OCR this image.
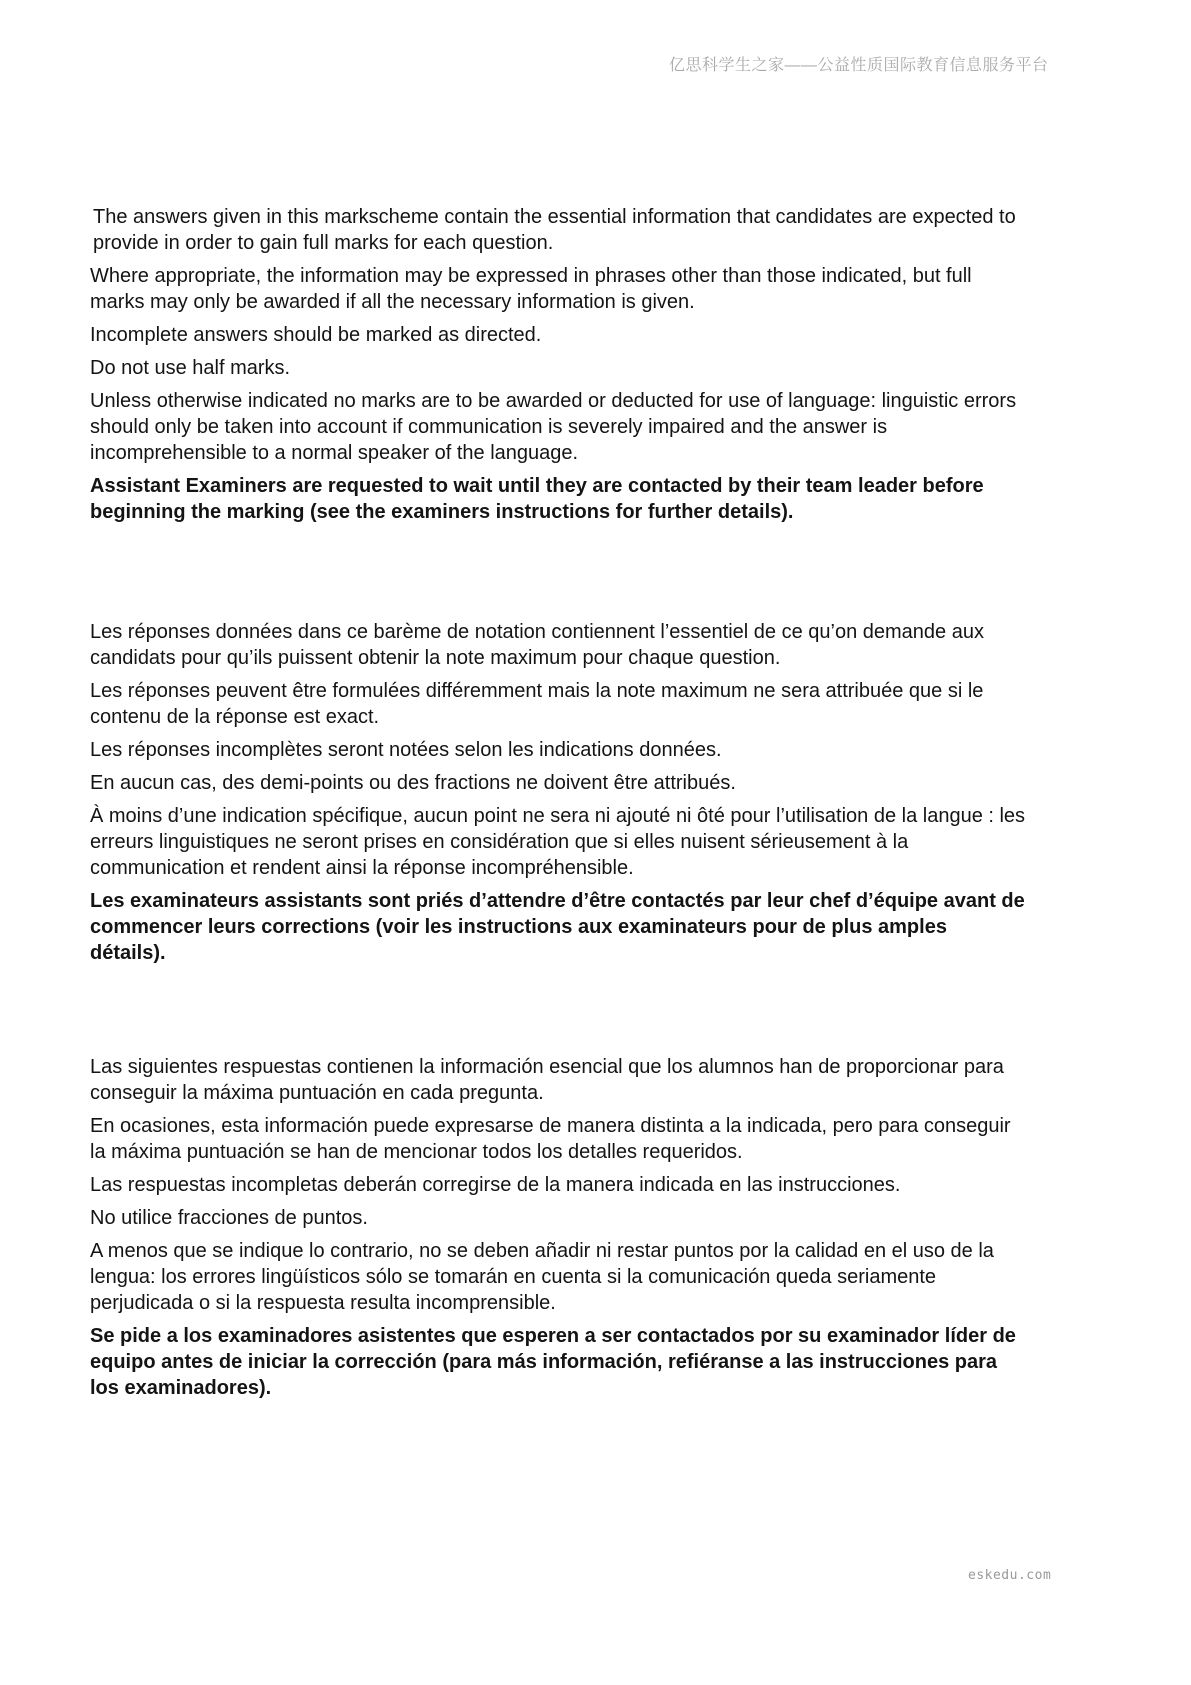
亿思科学生之家——公益性质国际教育信息服务平台

The answers given in this markscheme contain the essential information that candidates are expected to provide in order to gain full marks for each question.

Where appropriate, the information may be expressed in phrases other than those indicated, but full marks may only be awarded if all the necessary information is given.

Incomplete answers should be marked as directed.

Do not use half marks.

Unless otherwise indicated no marks are to be awarded or deducted for use of language: linguistic errors should only be taken into account if communication is severely impaired and the answer is incomprehensible to a normal speaker of the language.

Assistant Examiners are requested to wait until they are contacted by their team leader before beginning the marking (see the examiners instructions for further details).

Les réponses données dans ce barème de notation contiennent l’essentiel de ce qu’on demande aux candidats pour qu’ils puissent obtenir la note maximum pour chaque question.

Les réponses peuvent être formulées différemment mais la note maximum ne sera attribuée que si le contenu de la réponse est exact.

Les réponses incomplètes seront notées selon les indications données.

En aucun cas, des demi-points ou des fractions ne doivent être attribués.

À moins d’une indication spécifique, aucun point ne sera ni ajouté ni ôté pour l’utilisation de la langue : les erreurs linguistiques ne seront prises en considération que si elles nuisent sérieusement à la communication et rendent ainsi la réponse incompréhensible.

Les examinateurs assistants sont priés d’attendre d’être contactés par leur chef d’équipe avant de commencer leurs corrections (voir les instructions aux examinateurs pour de plus amples détails).

Las siguientes respuestas contienen la información esencial que los alumnos han de proporcionar para conseguir la máxima puntuación en cada pregunta.

En ocasiones, esta información puede expresarse de manera distinta a la indicada, pero para conseguir la máxima puntuación se han de mencionar todos los detalles requeridos.

Las respuestas incompletas deberán corregirse de la manera indicada en las instrucciones.

No utilice fracciones de puntos.

A menos que se indique lo contrario, no se deben añadir ni restar puntos por la calidad en el uso de la lengua: los errores lingüísticos sólo se tomarán en cuenta si la comunicación queda seriamente perjudicada o si la respuesta resulta incomprensible.

Se pide a los examinadores asistentes que esperen a ser contactados por su examinador líder de equipo antes de iniciar la corrección (para más información, refiéranse a las instrucciones para los examinadores).

eskedu.com
